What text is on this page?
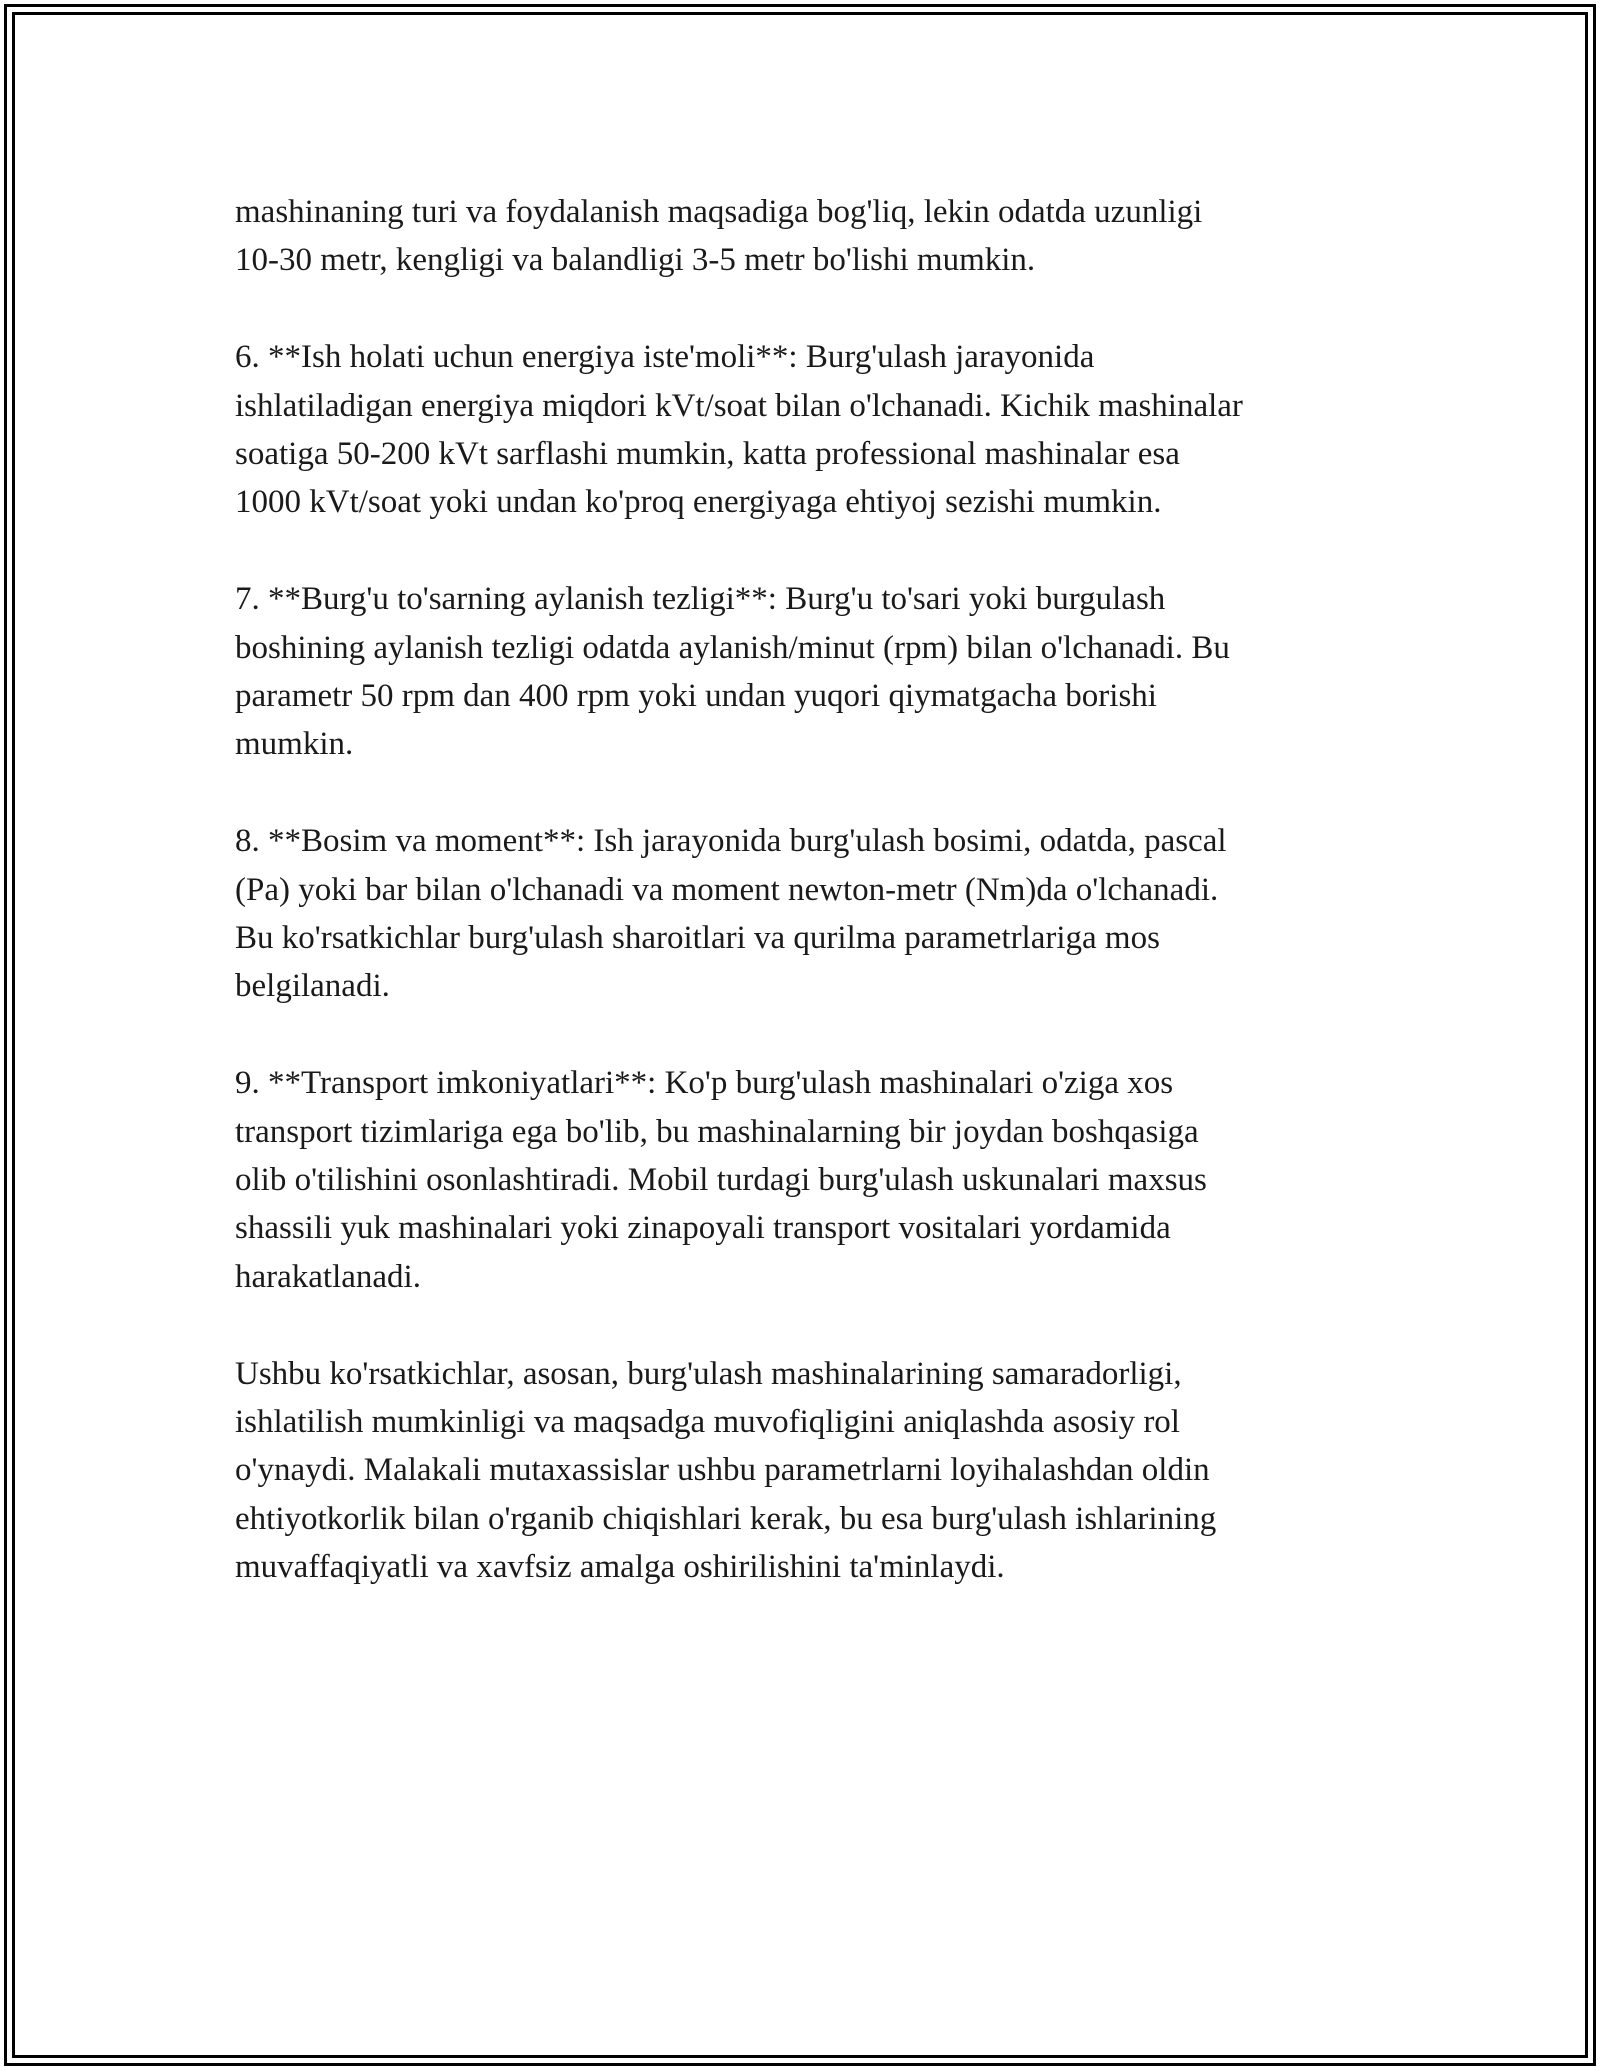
mashinaning turi va foydalanish maqsadiga bog'liq, lekin odatda uzunligi
10-30 metr, kengligi va balandligi 3-5 metr bo'lishi mumkin.

6. **Ish holati uchun energiya iste'moli**: Burg'ulash jarayonida
ishlatiladigan energiya miqdori kVt/soat bilan o'lchanadi. Kichik mashinalar
soatiga 50-200 kVt sarflashi mumkin, katta professional mashinalar esa
1000 kVt/soat yoki undan ko'proq energiyaga ehtiyoj sezishi mumkin.

7. **Burg'u to'sarning aylanish tezligi**: Burg'u to'sari yoki burgulash
boshining aylanish tezligi odatda aylanish/minut (rpm) bilan o'lchanadi. Bu
parametr 50 rpm dan 400 rpm yoki undan yuqori qiymatgacha borishi
mumkin.

8. **Bosim va moment**: Ish jarayonida burg'ulash bosimi, odatda, pascal
(Pa) yoki bar bilan o'lchanadi va moment newton-metr (Nm)da o'lchanadi.
Bu ko'rsatkichlar burg'ulash sharoitlari va qurilma parametrlariga mos
belgilanadi.

9. **Transport imkoniyatlari**: Ko'p burg'ulash mashinalari o'ziga xos
transport tizimlariga ega bo'lib, bu mashinalarning bir joydan boshqasiga
olib o'tilishini osonlashtiradi. Mobil turdagi burg'ulash uskunalari maxsus
shassili yuk mashinalari yoki zinapoyali transport vositalari yordamida
harakatlanadi.

Ushbu ko'rsatkichlar, asosan, burg'ulash mashinalarining samaradorligi,
ishlatilish mumkinligi va maqsadga muvofiqligini aniqlashda asosiy rol
o'ynaydi. Malakali mutaxassislar ushbu parametrlarni loyihalashdan oldin
ehtiyotkorlik bilan o'rganib chiqishlari kerak, bu esa burg'ulash ishlarining
muvaffaqiyatli va xavfsiz amalga oshirilishini ta'minlaydi.
